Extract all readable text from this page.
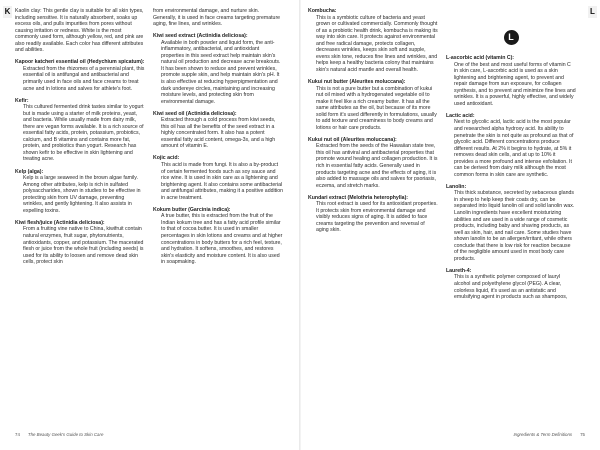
K	L

Kaolin clay: This gentle clay is suitable for all skin types, including sensitive. It is naturally absorbent, soaks up excess oils, and pulls impurities from pores without causing irritation or redness. White is the most commonly used form, although yellow, red, and pink are also readily available. Each color has different attributes and abilities.

Kapoor katcheri essential oil (Hedychium spicatum):
Extracted from the rhizomes of a perennial plant, this essential oil is antifungal and antibacterial and primarily used in face oils and face creams to treat acne and in lotions and salves for athlete's foot.

Kefir:
This cultured fermented drink tastes similar to yogurt but is made using a starter of milk proteins, yeast, and bacteria. While usually made from dairy milk, there are vegan forms available. It is a rich source of essential fatty acids, protein, potassium, probiotics, calcium, and B vitamins and contains more fat, protein, and probiotics than yogurt. Research has shown kefir to be effective in skin lightening and treating acne.

Kelp (alga):
Kelp is a large seaweed in the brown algae family. Among other attributes, kelp is rich in sulfated polysaccharides, shown in studies to be effective in protecting skin from UV damage, preventing wrinkles, and gently lightening. It also assists in expelling toxins.

Kiwi flesh/juice (Actinidia deliciosa):
From a fruiting vine native to China, kiwifruit contain natural enzymes, fruit sugar, phytonutrients, antioxidants, copper, and potassium. The macerated flesh or juice from the whole fruit (including seeds) is used for its ability to loosen and remove dead skin cells, protect skin

from environmental damage, and nurture skin. Generally, it is used in face creams targeting premature aging, fine lines, and wrinkles.

Kiwi seed extract (Actinidia deliciosa):
Available in both powder and liquid form, the anti-inflammatory, antibacterial, and antioxidant properties in this seed extract help maintain skin's natural oil production and decrease acne breakouts. It has been shown to reduce and prevent wrinkles, promote supple skin, and help maintain skin's pH. It is also effective at reducing hyperpigmentation and dark undereye circles, maintaining and increasing moisture levels, and protecting skin from environmental damage.

Kiwi seed oil (Actinidia deliciosa):
Extracted through a cold process from kiwi seeds, this oil has all the benefits of the seed extract in a highly concentrated form. It also has a potent essential fatty acid content, omega-3s, and a high amount of vitamin E.

Kojic acid:
This acid is made from fungi. It is also a by-product of certain fermented foods such as soy sauce and rice wine. It is used in skin care as a lightening and brightening agent. It also contains some antibacterial and antifungal attributes, making it a positive addition in acne treatment.

Kokum butter (Garcinia indica):
A true butter, this is extracted from the fruit of the Indian kokum tree and has a fatty acid profile similar to that of cocoa butter. It is used in smaller percentages in skin lotions and creams and at higher concentrations in body butters for a rich feel, texture, and hydration. It softens, smoothes, and restores skin's elasticity and moisture content. It is also used in soapmaking.

Kombucha:
This is a symbiotic culture of bacteria and yeast grown or cultivated commercially. Commonly thought of as a probiotic health drink, kombucha is making its way into skin care. It protects against environmental and free radical damage, protects collagen, decreases wrinkles, keeps skin soft and supple, evens skin tone, reduces fine lines and wrinkles, and helps keep a healthy bacteria colony that maintains skin's natural acid mantle and overall health.

Kukui nut butter (Aleurites moluccana):
This is not a pure butter but a combination of kukui nut oil mixed with a hydrogenated vegetable oil to make it feel like a rich creamy butter. It has all the same attributes as the oil, but because of its more solid form it's used differently in formulations, usually to add texture and creaminess to body creams and lotions or hair care products.

Kukui nut oil (Aleurites moluccana):
Extracted from the seeds of the Hawaiian state tree, this oil has antiviral and antibacterial properties that promote wound healing and collagen production. It is rich in essential fatty acids. Generally used in products targeting acne and the effects of aging, it is also added to massage oils and salves for psoriasis, eczema, and stretch marks.

Kundari extract (Melothria heterophylla):
This root extract is used for its antioxidant properties. It protects skin from environmental damage and visibly reduces signs of aging. It is added to face creams targeting the prevention and reversal of aging skin.

L

L-ascorbic acid (vitamin C):
One of the best and most useful forms of vitamin C in skin care, L-ascorbic acid is used as a skin lightening and brightening agent, to prevent and repair damage from sun exposure, for collagen synthesis, and to prevent and minimize fine lines and wrinkles. It is a powerful, highly effective, and widely used antioxidant.

Lactic acid:
Next to glycolic acid, lactic acid is the most popular and researched alpha hydroxy acid. Its ability to penetrate the skin is not quite as profound as that of glycolic acid. Different concentrations produce different results. At 2% it begins to hydrate, at 5% it removes dead skin cells, and at up to 10% it provides a more profound and intense exfoliation. It can be derived from dairy milk although the most common forms in skin care are synthetic.

Lanolin:
This thick substance, secreted by sebaceous glands in sheep to help keep their coats dry, can be separated into liquid lanolin oil and solid lanolin wax. Lanolin ingredients have excellent moisturizing abilities and are used in a wide range of cosmetic products, including baby and shaving products, as well as skin, hair, and nail care. Some studies have shown lanolin to be an allergen/irritant, while others conclude that there is low risk for reaction because of the negligible amount used in most body care products.

Laureth-4:
This is a synthetic polymer composed of lauryl alcohol and polyethylene glycol (PEG). A clear, colorless liquid, it's used as an antistatic and emulsifying agent in products such as shampoos,

74 The Beauty Geek's Guide to Skin Care	Ingredients & Term Definitions 75
